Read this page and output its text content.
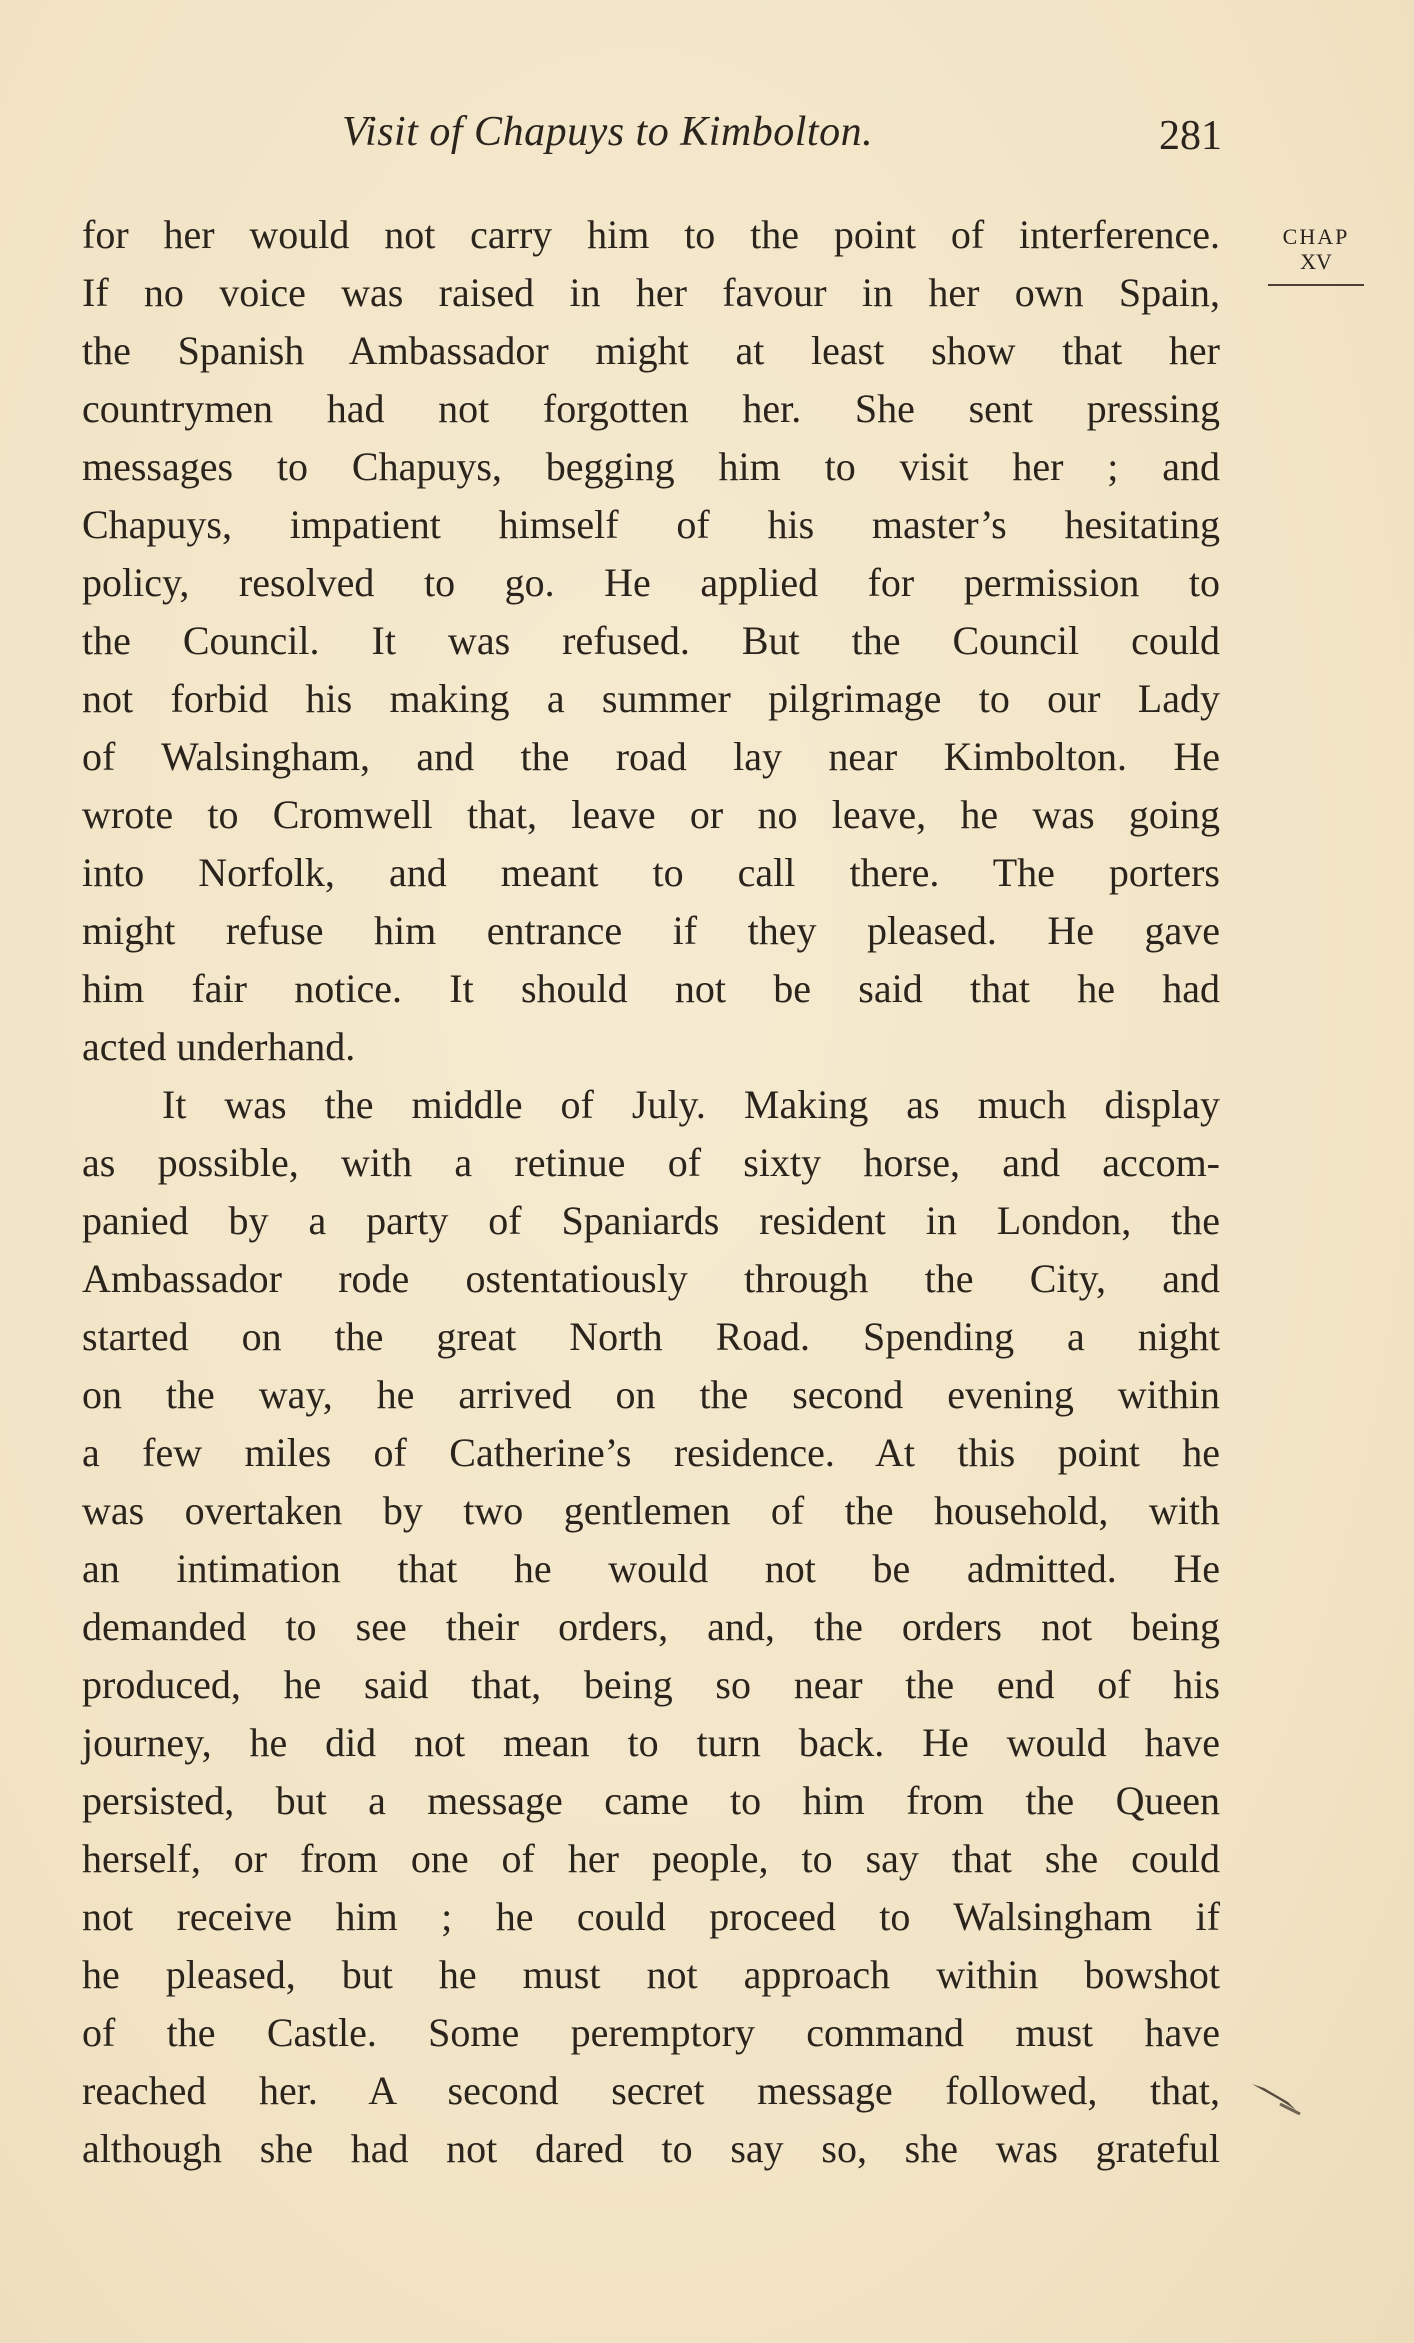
Visit of Chapuys to Kimbolton.	281
CHAP
XV
for her would not carry him to the point of interference.
If no voice was raised in her favour in her own Spain,
the Spanish Ambassador might at least show that her
countrymen had not forgotten her. She sent pressing
messages to Chapuys, begging him to visit her ; and
Chapuys, impatient himself of his master’s hesitating
policy, resolved to go. He applied for permission to
the Council. It was refused. But the Council could
not forbid his making a summer pilgrimage to our Lady
of Walsingham, and the road lay near Kimbolton. He
wrote to Cromwell that, leave or no leave, he was going
into Norfolk, and meant to call there. The porters
might refuse him entrance if they pleased. He gave
him fair notice. It should not be said that he had
acted underhand.
It was the middle of July. Making as much display
as possible, with a retinue of sixty horse, and accom-
panied by a party of Spaniards resident in London, the
Ambassador rode ostentatiously through the City, and
started on the great North Road. Spending a night
on the way, he arrived on the second evening within
a few miles of Catherine’s residence. At this point he
was overtaken by two gentlemen of the household, with
an intimation that he would not be admitted. He
demanded to see their orders, and, the orders not being
produced, he said that, being so near the end of his
journey, he did not mean to turn back. He would have
persisted, but a message came to him from the Queen
herself, or from one of her people, to say that she could
not receive him ; he could proceed to Walsingham if
he pleased, but he must not approach within bowshot
of the Castle. Some peremptory command must have
reached her. A second secret message followed, that,
although she had not dared to say so, she was grateful
